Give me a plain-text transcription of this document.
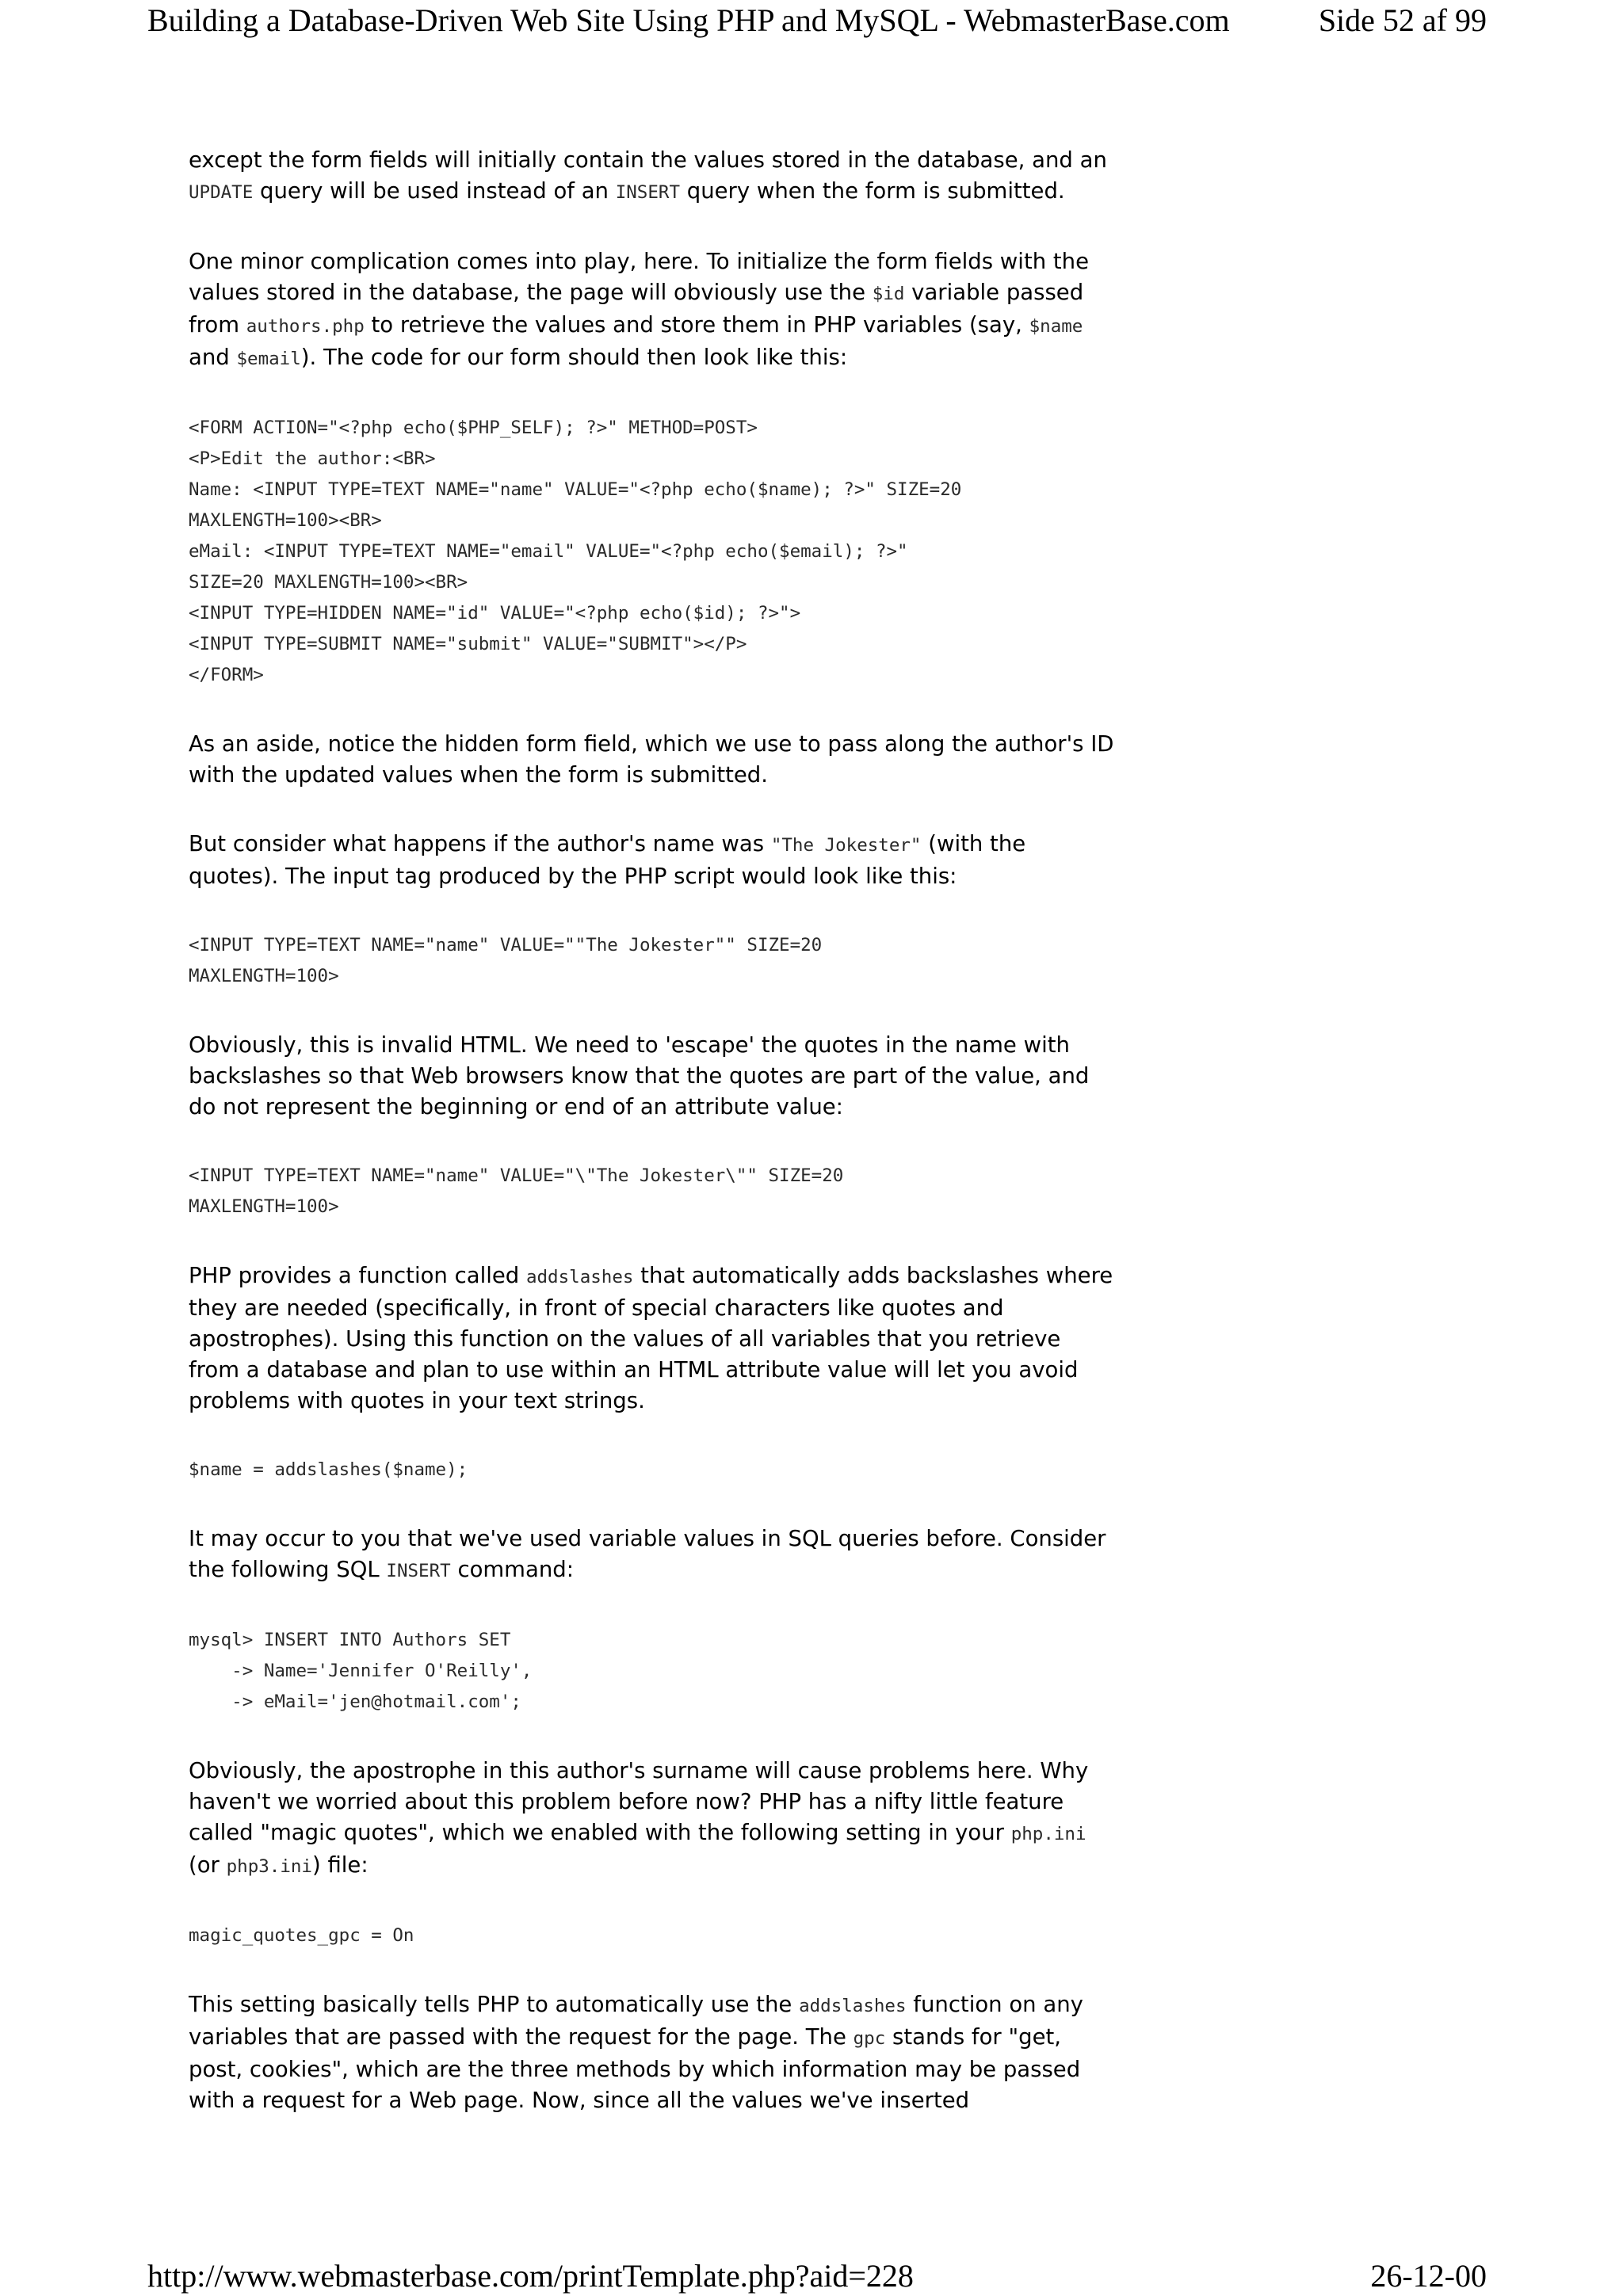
Building a Database-Driven Web Site Using PHP and MySQL - WebmasterBase.com	Side 52 af 99

except the form fields will initially contain the values stored in the database, and an UPDATE query will be used instead of an INSERT query when the form is submitted.

One minor complication comes into play, here. To initialize the form fields with the values stored in the database, the page will obviously use the $id variable passed from authors.php to retrieve the values and store them in PHP variables (say, $name and $email). The code for our form should then look like this:

<FORM ACTION="<?php echo($PHP_SELF); ?>" METHOD=POST>
<P>Edit the author:<BR>
Name: <INPUT TYPE=TEXT NAME="name" VALUE="<?php echo($name); ?>" SIZE=20
MAXLENGTH=100><BR>
eMail: <INPUT TYPE=TEXT NAME="email" VALUE="<?php echo($email); ?>"
SIZE=20 MAXLENGTH=100><BR>
<INPUT TYPE=HIDDEN NAME="id" VALUE="<?php echo($id); ?>">
<INPUT TYPE=SUBMIT NAME="submit" VALUE="SUBMIT"></P>
</FORM>

As an aside, notice the hidden form field, which we use to pass along the author's ID with the updated values when the form is submitted.

But consider what happens if the author's name was "The Jokester" (with the quotes). The input tag produced by the PHP script would look like this:

<INPUT TYPE=TEXT NAME="name" VALUE=""The Jokester"" SIZE=20
MAXLENGTH=100>

Obviously, this is invalid HTML. We need to 'escape' the quotes in the name with backslashes so that Web browsers know that the quotes are part of the value, and do not represent the beginning or end of an attribute value:

<INPUT TYPE=TEXT NAME="name" VALUE="\"The Jokester\"" SIZE=20
MAXLENGTH=100>

PHP provides a function called addslashes that automatically adds backslashes where they are needed (specifically, in front of special characters like quotes and apostrophes). Using this function on the values of all variables that you retrieve from a database and plan to use within an HTML attribute value will let you avoid problems with quotes in your text strings.

$name = addslashes($name);

It may occur to you that we've used variable values in SQL queries before. Consider the following SQL INSERT command:

mysql> INSERT INTO Authors SET
-> Name='Jennifer O'Reilly',
-> eMail='jen@hotmail.com';

Obviously, the apostrophe in this author's surname will cause problems here. Why haven't we worried about this problem before now? PHP has a nifty little feature called "magic quotes", which we enabled with the following setting in your php.ini (or php3.ini) file:

magic_quotes_gpc = On

This setting basically tells PHP to automatically use the addslashes function on any variables that are passed with the request for the page. The gpc stands for "get, post, cookies", which are the three methods by which information may be passed with a request for a Web page. Now, since all the values we've inserted

http://www.webmasterbase.com/printTemplate.php?aid=228	26-12-00
